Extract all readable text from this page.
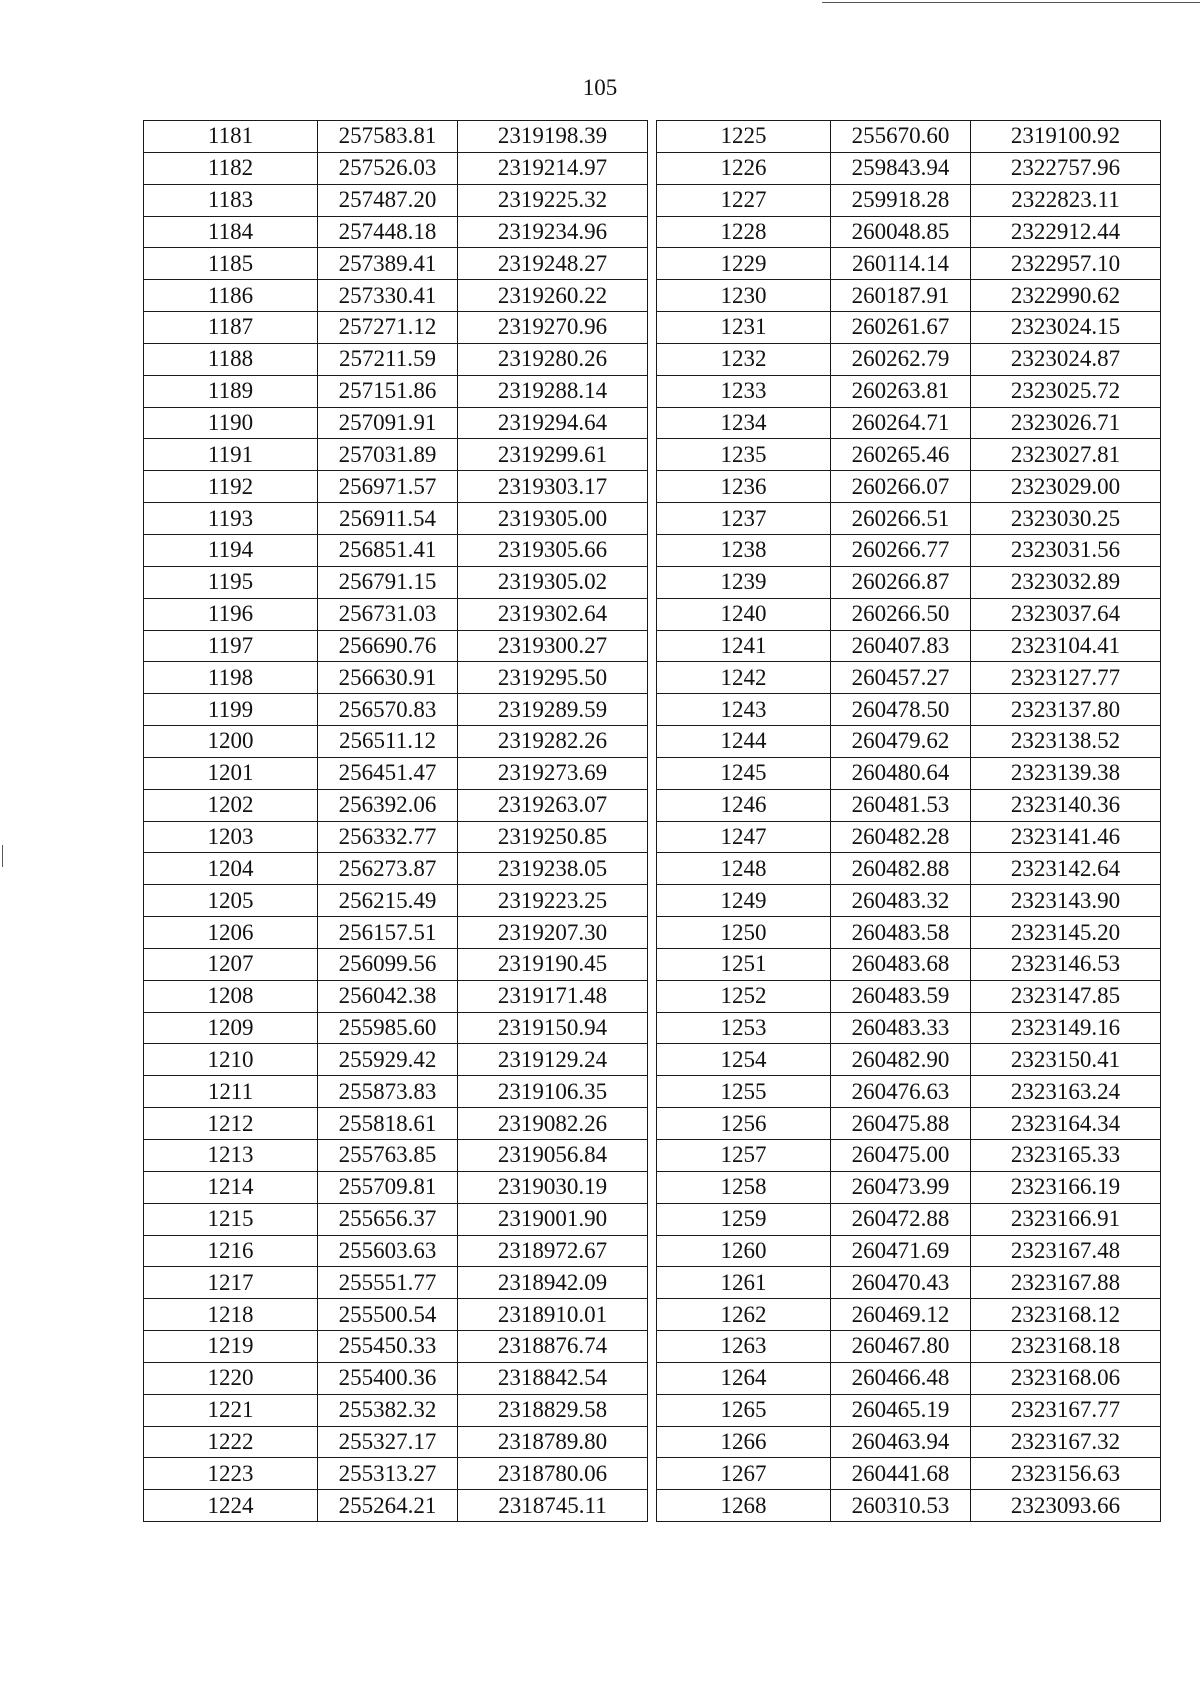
105
1181	257583.81	2319198.39
1182	257526.03	2319214.97
1183	257487.20	2319225.32
1184	257448.18	2319234.96
1185	257389.41	2319248.27
1186	257330.41	2319260.22
1187	257271.12	2319270.96
1188	257211.59	2319280.26
1189	257151.86	2319288.14
1190	257091.91	2319294.64
1191	257031.89	2319299.61
1192	256971.57	2319303.17
1193	256911.54	2319305.00
1194	256851.41	2319305.66
1195	256791.15	2319305.02
1196	256731.03	2319302.64
1197	256690.76	2319300.27
1198	256630.91	2319295.50
1199	256570.83	2319289.59
1200	256511.12	2319282.26
1201	256451.47	2319273.69
1202	256392.06	2319263.07
1203	256332.77	2319250.85
1204	256273.87	2319238.05
1205	256215.49	2319223.25
1206	256157.51	2319207.30
1207	256099.56	2319190.45
1208	256042.38	2319171.48
1209	255985.60	2319150.94
1210	255929.42	2319129.24
1211	255873.83	2319106.35
1212	255818.61	2319082.26
1213	255763.85	2319056.84
1214	255709.81	2319030.19
1215	255656.37	2319001.90
1216	255603.63	2318972.67
1217	255551.77	2318942.09
1218	255500.54	2318910.01
1219	255450.33	2318876.74
1220	255400.36	2318842.54
1221	255382.32	2318829.58
1222	255327.17	2318789.80
1223	255313.27	2318780.06
1224	255264.21	2318745.11
1225	255670.60	2319100.92
1226	259843.94	2322757.96
1227	259918.28	2322823.11
1228	260048.85	2322912.44
1229	260114.14	2322957.10
1230	260187.91	2322990.62
1231	260261.67	2323024.15
1232	260262.79	2323024.87
1233	260263.81	2323025.72
1234	260264.71	2323026.71
1235	260265.46	2323027.81
1236	260266.07	2323029.00
1237	260266.51	2323030.25
1238	260266.77	2323031.56
1239	260266.87	2323032.89
1240	260266.50	2323037.64
1241	260407.83	2323104.41
1242	260457.27	2323127.77
1243	260478.50	2323137.80
1244	260479.62	2323138.52
1245	260480.64	2323139.38
1246	260481.53	2323140.36
1247	260482.28	2323141.46
1248	260482.88	2323142.64
1249	260483.32	2323143.90
1250	260483.58	2323145.20
1251	260483.68	2323146.53
1252	260483.59	2323147.85
1253	260483.33	2323149.16
1254	260482.90	2323150.41
1255	260476.63	2323163.24
1256	260475.88	2323164.34
1257	260475.00	2323165.33
1258	260473.99	2323166.19
1259	260472.88	2323166.91
1260	260471.69	2323167.48
1261	260470.43	2323167.88
1262	260469.12	2323168.12
1263	260467.80	2323168.18
1264	260466.48	2323168.06
1265	260465.19	2323167.77
1266	260463.94	2323167.32
1267	260441.68	2323156.63
1268	260310.53	2323093.66
